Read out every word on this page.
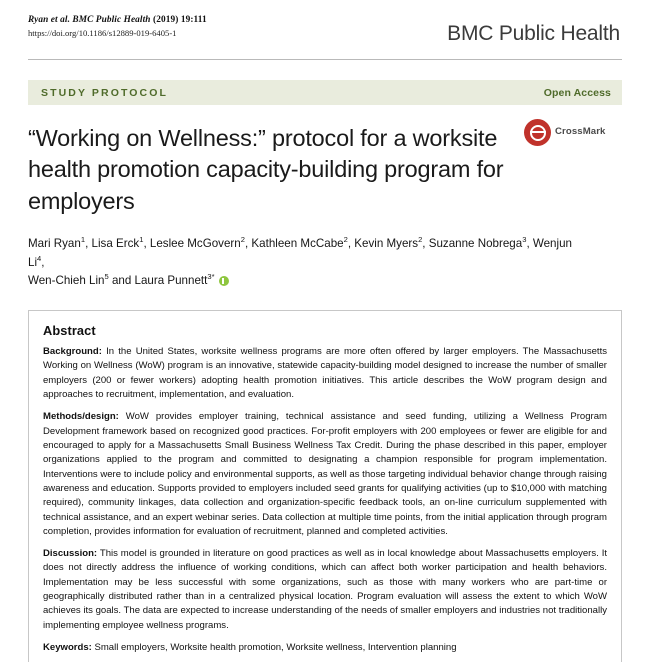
Ryan et al. BMC Public Health (2019) 19:111
https://doi.org/10.1186/s12889-019-6405-1	BMC Public Health
STUDY PROTOCOL	Open Access
“Working on Wellness:” protocol for a worksite health promotion capacity-building program for employers
CrossMark
Mari Ryan$^1$, Lisa Erck$^1$, Leslee McGovern$^2$, Kathleen McCabe$^2$, Kevin Myers$^2$, Suzanne Nobrega$^3$, Wenjun Li$^4$,
Wen-Chieh Lin$^5$ and Laura Punnett$^{3*}$
Abstract

Background: In the United States, worksite wellness programs are more often offered by larger employers. The Massachusetts Working on Wellness (WoW) program is an innovative, statewide capacity-building model designed to increase the number of smaller employers (200 or fewer workers) adopting health promotion initiatives. This article describes the WoW program design and approaches to recruitment, implementation, and evaluation.

Methods/design: WoW provides employer training, technical assistance and seed funding, utilizing a Wellness Program Development framework based on recognized good practices. For-profit employers with 200 employees or fewer are eligible for and encouraged to apply for a Massachusetts Small Business Wellness Tax Credit. During the phase described in this paper, employer organizations applied to the program and committed to designating a champion responsible for program implementation. Interventions were to include policy and environmental supports, as well as those targeting individual behavior change through raising awareness and education. Supports provided to employers included seed grants for qualifying activities (up to $10,000 with matching required), community linkages, data collection and organization-specific feedback tools, an on-line curriculum supplemented with technical assistance, and an expert webinar series. Data collection at multiple time points, from the initial application through program completion, provides information for evaluation of recruitment, planned and completed activities.

Discussion: This model is grounded in literature on good practices as well as in local knowledge about Massachusetts employers. It does not directly address the influence of working conditions, which can affect both worker participation and health behaviors. Implementation may be less successful with some organizations, such as those with many workers who are part-time or geographically distributed rather than in a centralized physical location. Program evaluation will assess the extent to which WoW achieves its goals. The data are expected to increase understanding of the needs of smaller employers and industries not traditionally implementing employee wellness programs.

Keywords: Small employers, Worksite health promotion, Worksite wellness, Intervention planning
